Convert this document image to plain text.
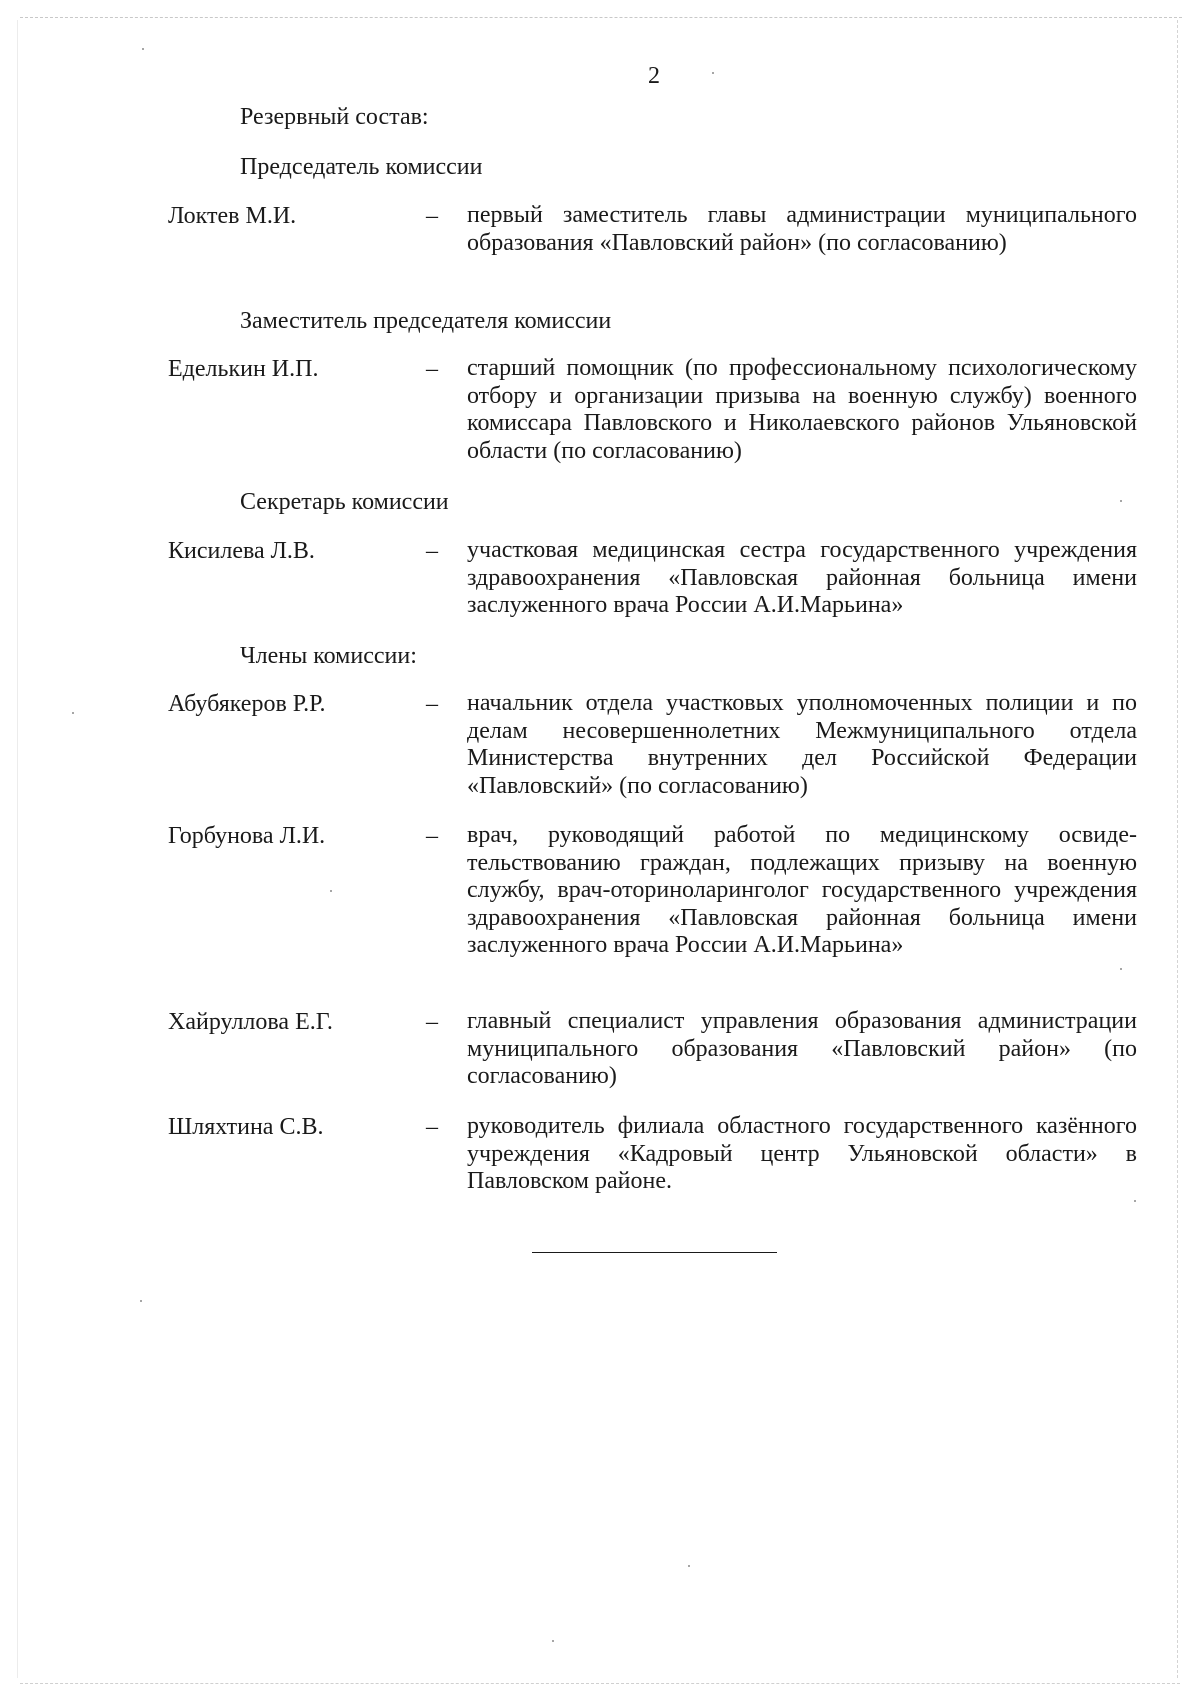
2
Резервный состав:
Председатель комиссии
Локтев М.И.	– первый заместитель главы администрации муниципального образования «Павловский район» (по согласованию)
Заместитель председателя комиссии
Еделькин И.П.	– старший помощник (по профессиональному психологическому отбору и организации призыва на военную службу) военного комиссара Павловского и Николаевского районов Ульяновской области (по согласованию)
Секретарь комиссии
Кисилева Л.В.	– участковая медицинская сестра государственного учреждения здравоохранения «Павловская районная больница имени заслуженного врача России А.И.Марьина»
Члены комиссии:
Абубякеров Р.Р.	– начальник отдела участковых уполномоченных полиции и по делам несовершеннолетних Межмуниципального отдела Министерства внутренних дел Российской Федерации «Павловский» (по согласованию)
Горбунова Л.И.	– врач, руководящий работой по медицинскому освидетельствованию граждан, подлежащих призыву на военную службу, врач-оториноларинголог государственного учреждения здравоохранения «Павловская районная больница имени заслуженного врача России А.И.Марьина»
Хайруллова Е.Г.	– главный специалист управления образования администрации муниципального образования «Павловский район» (по согласованию)
Шляхтина С.В.	– руководитель филиала областного государственного казённого учреждения «Кадровый центр Ульяновской области» в Павловском районе.
